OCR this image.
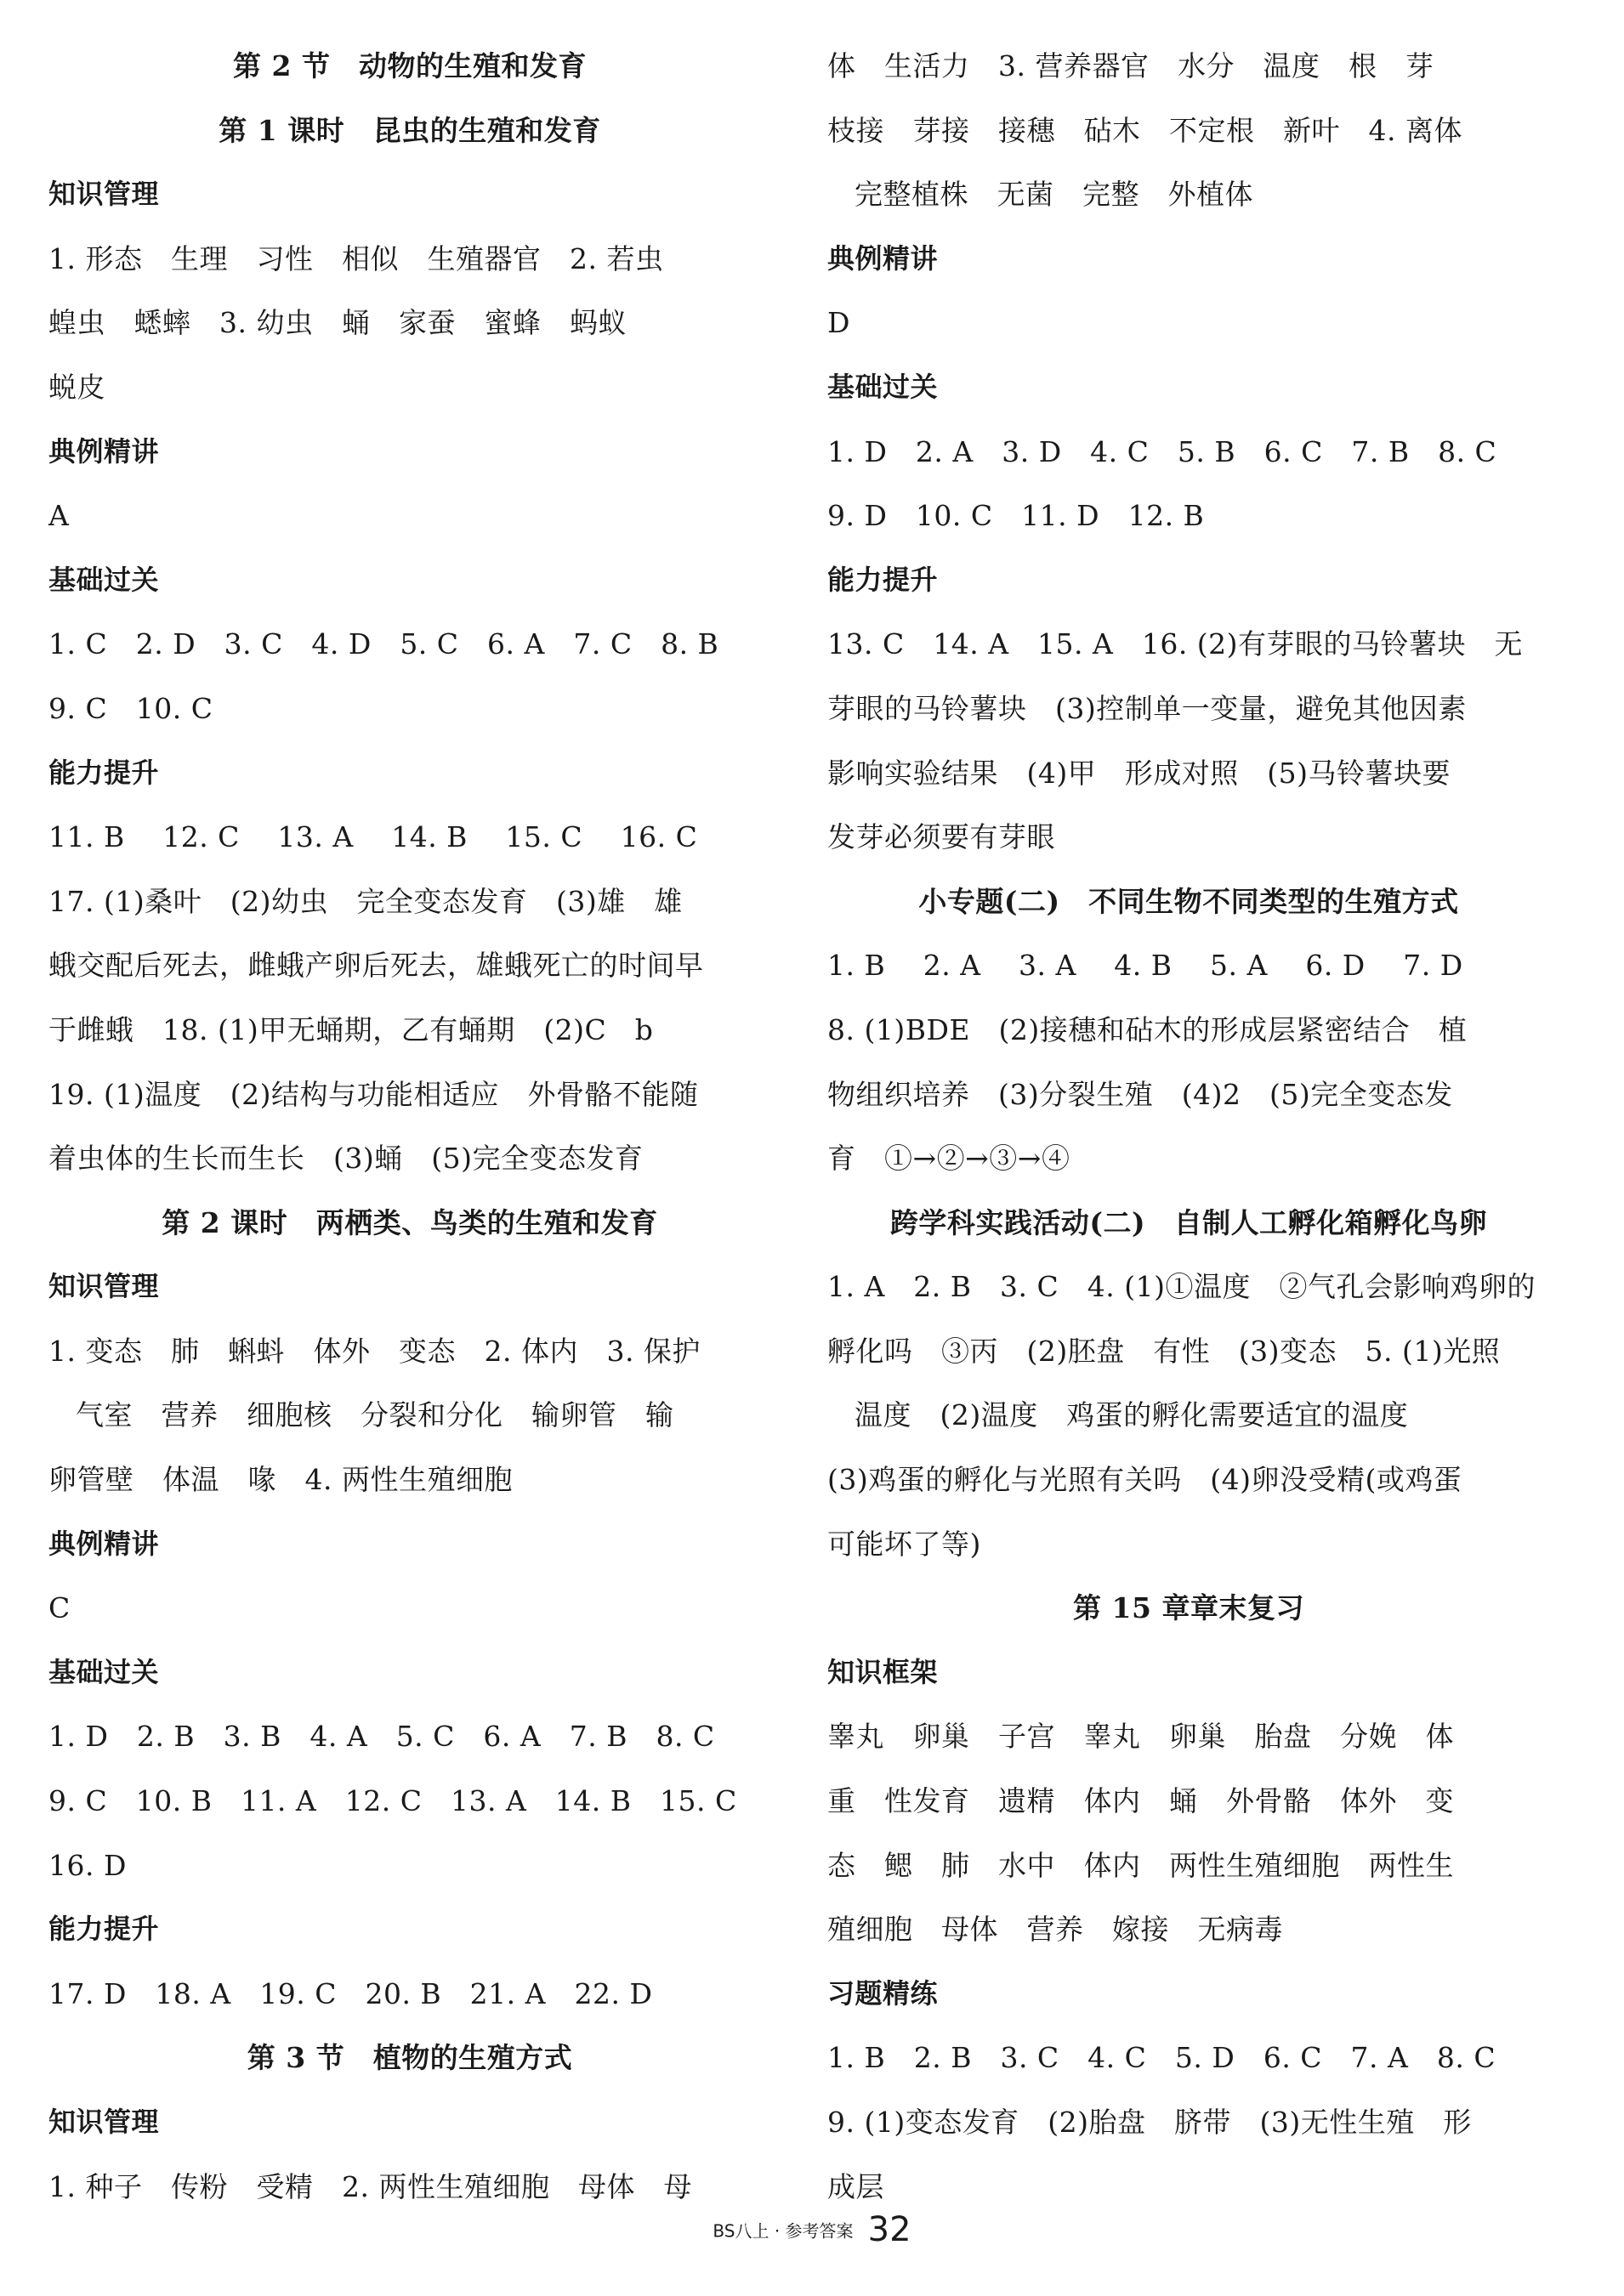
第 2 节　动物的生殖和发育
第 1 课时　昆虫的生殖和发育
知识管理
1. 形态　生理　习性　相似　生殖器官　2. 若虫
蝗虫　蟋蟀　3. 幼虫　蛹　家蚕　蜜蜂　蚂蚁
蜕皮
典例精讲
A
基础过关
1. C　2. D　3. C　4. D　5. C　6. A　7. C　8. B
9. C　10. C
能力提升
11. B　 12. C　 13. A　 14. B　 15. C　 16. C
17. (1)桑叶　(2)幼虫　完全变态发育　(3)雄　雄
蛾交配后死去，雌蛾产卵后死去，雄蛾死亡的时间早
于雌蛾　18. (1)甲无蛹期，乙有蛹期　(2)C　b
19. (1)温度　(2)结构与功能相适应　外骨骼不能随
着虫体的生长而生长　(3)蛹　(5)完全变态发育
第 2 课时　两栖类、鸟类的生殖和发育
知识管理
1. 变态　肺　蝌蚪　体外　变态　2. 体内　3. 保护
气室　营养　细胞核　分裂和分化　输卵管　输
卵管壁　体温　喙　4. 两性生殖细胞
典例精讲
C
基础过关
1. D　2. B　3. B　4. A　5. C　6. A　7. B　8. C
9. C　10. B　11. A　12. C　13. A　14. B　15. C
16. D
能力提升
17. D　18. A　19. C　20. B　21. A　22. D
第 3 节　植物的生殖方式
知识管理
1. 种子　传粉　受精　2. 两性生殖细胞　母体　母
体　生活力　3. 营养器官　水分　温度　根　芽
枝接　芽接　接穗　砧木　不定根　新叶　4. 离体
完整植株　无菌　完整　外植体
典例精讲
D
基础过关
1. D　2. A　3. D　4. C　5. B　6. C　7. B　8. C
9. D　10. C　11. D　12. B
能力提升
13. C　14. A　15. A　16. (2)有芽眼的马铃薯块　无
芽眼的马铃薯块　(3)控制单一变量，避免其他因素
影响实验结果　(4)甲　形成对照　(5)马铃薯块要
发芽必须要有芽眼
小专题(二)　不同生物不同类型的生殖方式
1. B　 2. A　 3. A　 4. B　 5. A　 6. D　 7. D
8. (1)BDE　(2)接穗和砧木的形成层紧密结合　植
物组织培养　(3)分裂生殖　(4)2　(5)完全变态发
育　①→②→③→④
跨学科实践活动(二)　自制人工孵化箱孵化鸟卵
1. A　2. B　3. C　4. (1)①温度　②气孔会影响鸡卵的
孵化吗　③丙　(2)胚盘　有性　(3)变态　5. (1)光照
温度　(2)温度　鸡蛋的孵化需要适宜的温度
(3)鸡蛋的孵化与光照有关吗　(4)卵没受精(或鸡蛋
可能坏了等)
第 15 章章末复习
知识框架
睾丸　卵巢　子宫　睾丸　卵巢　胎盘　分娩　体
重　性发育　遗精　体内　蛹　外骨骼　体外　变
态　鳃　肺　水中　体内　两性生殖细胞　两性生
殖细胞　母体　营养　嫁接　无病毒
习题精练
1. B　2. B　3. C　4. C　5. D　6. C　7. A　8. C
9. (1)变态发育　(2)胎盘　脐带　(3)无性生殖　形
成层
BS八上 · 参考答案 32
